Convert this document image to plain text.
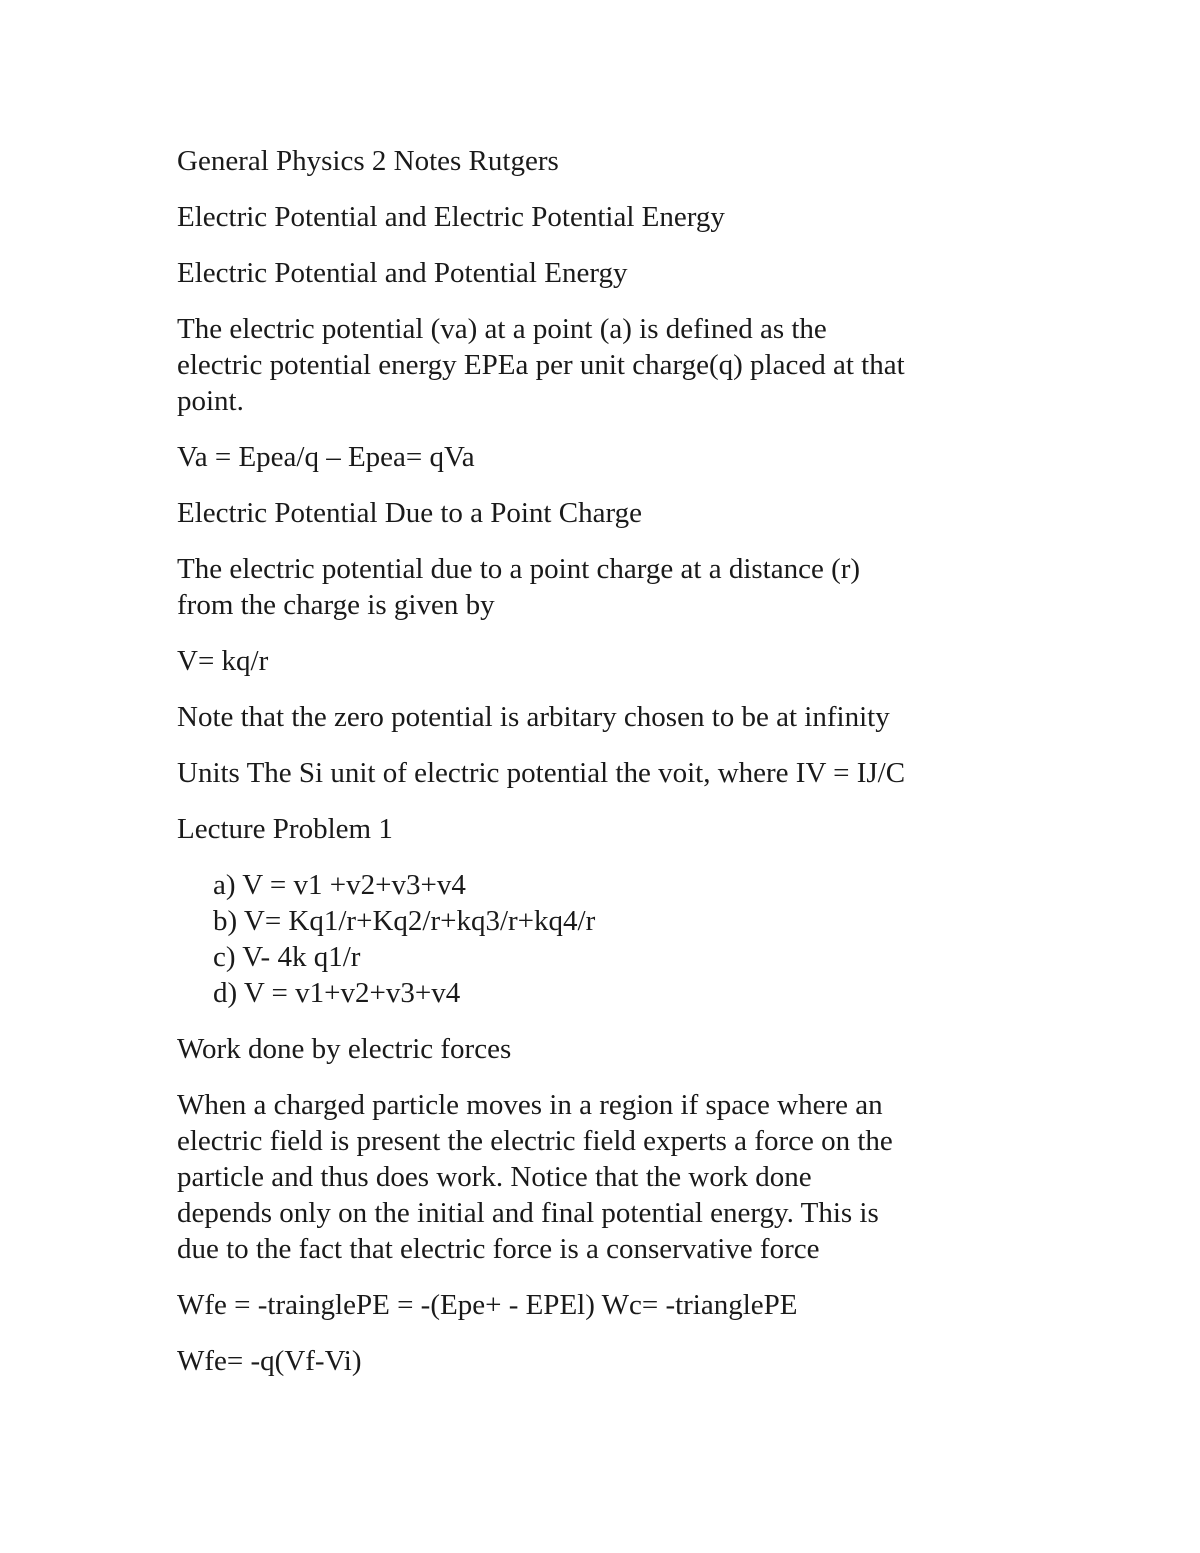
General Physics 2 Notes Rutgers

Electric Potential and Electric Potential Energy

Electric Potential and Potential Energy

The electric potential (va) at a point (a) is defined as the
electric potential energy EPEa per unit charge(q) placed at that
point.

Va = Epea/q – Epea= qVa

Electric Potential Due to a Point Charge

The electric potential due to a point charge at a distance (r)
from the charge is given by

V= kq/r

Note that the zero potential is arbitary chosen to be at infinity

Units The Si unit of electric potential the voit, where IV = IJ/C

Lecture Problem 1

a) V = v1 +v2+v3+v4
b) V= Kq1/r+Kq2/r+kq3/r+kq4/r
c) V- 4k q1/r
d) V = v1+v2+v3+v4

Work done by electric forces

When a charged particle moves in a region if space where an
electric field is present the electric field experts a force on the
particle and thus does work. Notice that the work done
depends only on the initial and final potential energy. This is
due to the fact that electric force is a conservative force

Wfe = -trainglePE = -(Epe+ - EPEl) Wc= -trianglePE

Wfe= -q(Vf-Vi)
